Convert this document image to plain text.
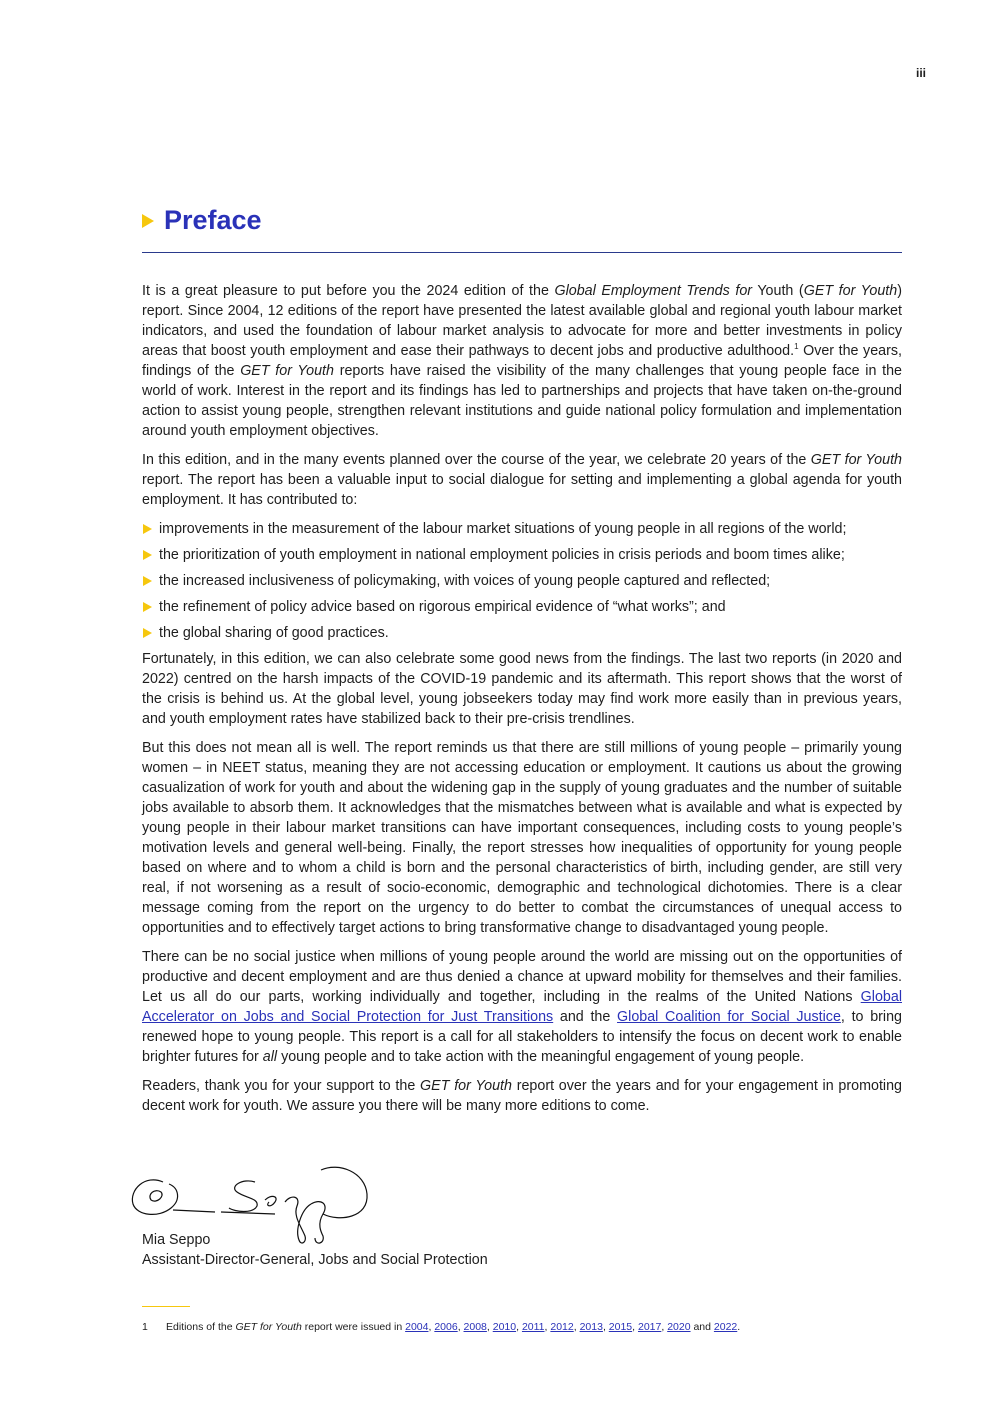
iii
Preface

It is a great pleasure to put before you the 2024 edition of the Global Employment Trends for Youth (GET for Youth) report. Since 2004, 12 editions of the report have presented the latest available global and regional youth labour market indicators, and used the foundation of labour market analysis to advocate for more and better investments in policy areas that boost youth employment and ease their pathways to decent jobs and productive adulthood.$^1$ Over the years, findings of the GET for Youth reports have raised the visibility of the many challenges that young people face in the world of work. Interest in the report and its findings has led to partnerships and projects that have taken on-the-ground action to assist young people, strengthen relevant institutions and guide national policy formulation and implementation around youth employment objectives.

In this edition, and in the many events planned over the course of the year, we celebrate 20 years of the GET for Youth report. The report has been a valuable input to social dialogue for setting and implementing a global agenda for youth employment. It has contributed to:

improvements in the measurement of the labour market situations of young people in all regions of the world;
the prioritization of youth employment in national employment policies in crisis periods and boom times alike;
the increased inclusiveness of policymaking, with voices of young people captured and reflected;
the refinement of policy advice based on rigorous empirical evidence of “what works”; and
the global sharing of good practices.

Fortunately, in this edition, we can also celebrate some good news from the findings. The last two reports (in 2020 and 2022) centred on the harsh impacts of the COVID-19 pandemic and its aftermath. This report shows that the worst of the crisis is behind us. At the global level, young jobseekers today may find work more easily than in previous years, and youth employment rates have stabilized back to their pre-crisis trendlines.

But this does not mean all is well. The report reminds us that there are still millions of young people – primarily young women – in NEET status, meaning they are not accessing education or employment. It cautions us about the growing casualization of work for youth and about the widening gap in the supply of young graduates and the number of suitable jobs available to absorb them. It acknowledges that the mismatches between what is available and what is expected by young people in their labour market transitions can have important consequences, including costs to young people’s motivation levels and general well-being. Finally, the report stresses how inequalities of opportunity for young people based on where and to whom a child is born and the personal characteristics of birth, including gender, are still very real, if not worsening as a result of socio-economic, demographic and technological dichotomies. There is a clear message coming from the report on the urgency to do better to combat the circumstances of unequal access to opportunities and to effectively target actions to bring transformative change to disadvantaged young people.

There can be no social justice when millions of young people around the world are missing out on the opportunities of productive and decent employment and are thus denied a chance at upward mobility for themselves and their families. Let us all do our parts, working individually and together, including in the realms of the United Nations Global Accelerator on Jobs and Social Protection for Just Transitions and the Global Coalition for Social Justice, to bring renewed hope to young people. This report is a call for all stakeholders to intensify the focus on decent work to enable brighter futures for all young people and to take action with the meaningful engagement of young people.

Readers, thank you for your support to the GET for Youth report over the years and for your engagement in promoting decent work for youth. We assure you there will be many more editions to come.

Mia Seppo
Assistant-Director-General, Jobs and Social Protection
1 Editions of the GET for Youth report were issued in 2004, 2006, 2008, 2010, 2011, 2012, 2013, 2015, 2017, 2020 and 2022.
